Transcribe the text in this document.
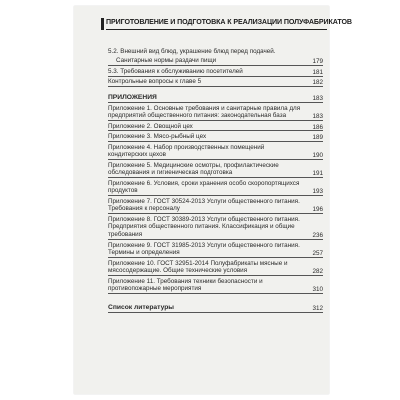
ПРИГОТОВЛЕНИЕ И ПОДГОТОВКА К РЕАЛИЗАЦИИ ПОЛУФАБРИКАТОВ
5.2. Внешний вид блюд, украшение блюд перед подачей.
Санитарные нормы раздачи пищи	179
5.3. Требования к обслуживанию посетителей	181
Контрольные вопросы к главе 5	182
ПРИЛОЖЕНИЯ	183
Приложение 1. Основные требования и санитарные правила для предприятий общественного питания: законодательная база	183
Приложение 2. Овощной цех	186
Приложение 3. Мясо-рыбный цех	189
Приложение 4. Набор производственных помещений кондитерских цехов	190
Приложение 5. Медицинские осмотры, профилактические обследования и гигиеническая подготовка	191
Приложение 6. Условия, сроки хранения особо скоропортящихся продуктов	193
Приложение 7. ГОСТ 30524-2013 Услуги общественного питания. Требования к персоналу	196
Приложение 8. ГОСТ 30389-2013 Услуги общественного питания. Предприятия общественного питания. Классификация и общие требования	236
Приложение 9. ГОСТ 31985-2013 Услуги общественного питания. Термины и определения	257
Приложение 10. ГОСТ 32951-2014 Полуфабрикаты мясные и мясосодержащие. Общие технические условия	282
Приложение 11. Требования техники безопасности и противопожарные мероприятия	310
Список литературы	312
